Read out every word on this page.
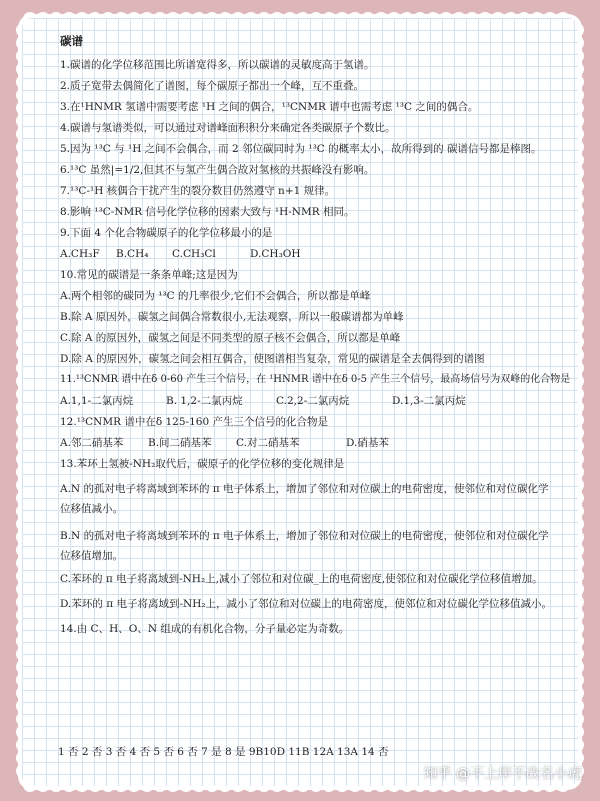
碳谱
1.碳谱的化学位移范围比所谱宽得多，所以碳谱的灵敏度高于氢谱。
2.质子宽带去偶简化了谱图，每个碳原子都出一个峰，互不重叠。
3.在¹HNMR 氢谱中需要考虑 ¹H 之间的偶合，¹³CNMR 谱中也需考虑 ¹³C 之间的偶合。
4.碳谱与氢谱类似，可以通过对谱峰面积积分来确定各类碳原子个数比。
5.因为 ¹³C 与 ¹H 之间不会偶合，而 2 邻位碳同时为 ¹³C 的概率太小，故所得到的 碳谱信号都是棒图。
6.¹³C 虽然|=1/2,但其不与氢产生偶合故对氢核的共振峰没有影响。
7.¹³C-¹H 核偶合干扰产生的裂分数目仍然遵守 n+1 规律。
8.影响 ¹³C-NMR 信号化学位移的因素大致与 ¹H-NMR 相同。
9.下面 4 个化合物碳原子的化学位移最小的是
A.CH₃F	B.CH₄	C.CH₃Cl	D.CH₃OH
10.常见的碳谱是一条条单峰;这是因为
A.两个相邻的碳同为 ¹³C 的几率很少,它们不会偶合，所以都是单峰
B.除 A 原因外，碳氢之间偶合常数很小,无法观察，所以一般碳谱都为单峰
C.除 A 的原因外，碳氢之间是不同类型的原子核不会偶合，所以都是单峰
D.除 A 的原因外，碳氢之间会相互偶合，使图谱相当复杂，常见的碳谱是全去偶得到的谱图
11.¹³CNMR 谱中在δ 0-60 产生三个信号，在 ¹HNMR 谱中在δ 0-5 产生三个信号，最高场信号为双峰的化合物是
A.1,1-二氯丙烷	B. 1,2-二氯丙烷	C.2,2-二氯丙烷	D.1,3-二氯丙烷
12.¹³CNMR 谱中在δ 125-160 产生三个信号的化合物是
A.邻二硝基苯	B.间二硝基苯	C.对二硝基苯	D.硝基苯
13.苯环上氢被-NH₂取代后，碳原子的化学位移的变化规律是
A.N 的孤对电子将离域到苯环的 π 电子体系上，增加了邻位和对位碳上的电荷密度，使邻位和对位碳化学位移值减小。
B.N 的孤对电子将离域到苯环的 π 电子体系上，增加了邻位和对位碳上的电荷密度，使邻位和对位碳化学位移值增加。
C.苯环的 π 电子将离域到-NH₂上,减小了邻位和对位碳_上的电荷密度,使邻位和对位碳化学位移值增加。
D.苯环的 π 电子将离域到-NH₂上，减小了邻位和对位碳上的电荷密度，使邻位和对位碳化学位移值减小。
14.由 C、H、O、N 组成的有机化合物，分子量必定为奇数。
1 否 2 否 3 否 4 否 5 否 6 否 7 是 8 是 9B10D 11B 12A 13A 14 否
知乎 @不上岸不改名小虎
